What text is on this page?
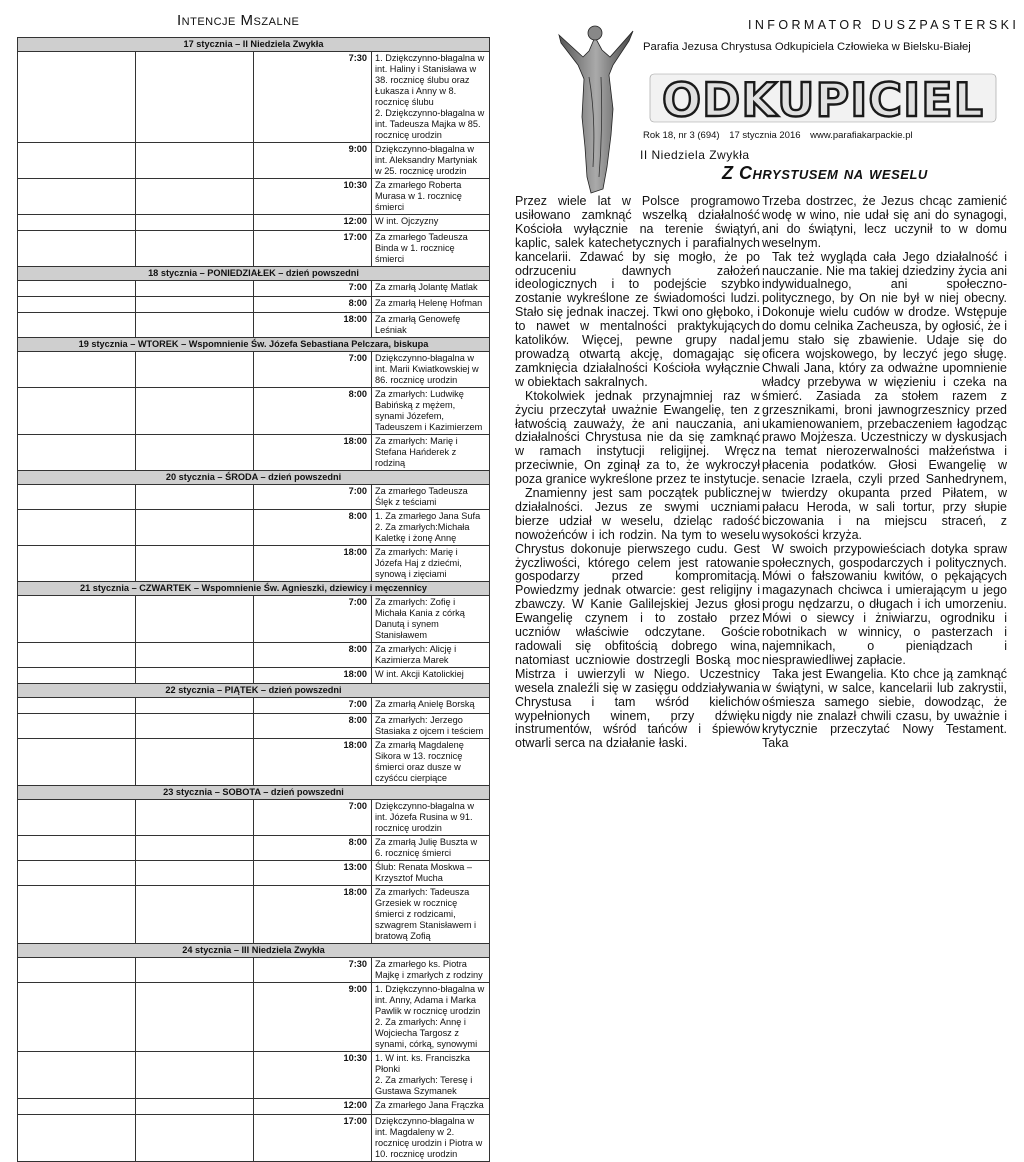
Intencje Mszalne
17 stycznia – II Niedziela Zwykła			
		7:30	1. Dziękczynno-błagalna w int. Haliny i Stanisława w 38. rocznicę ślubu oraz Łukasza i Anny w 8. rocznicę ślubu
2. Dziękczynno-błagalna w int. Tadeusza Majka w 85. rocznicę urodzin

		9:00	Dziękczynno-błagalna w int. Aleksandry Martyniak w 25. rocznicę urodzin

		10:30	Za zmarłego Roberta Murasa w 1. rocznicę śmierci

		12:00	W int. Ojczyzny

		17:00	Za zmarłego Tadeusza Binda w 1. rocznicę śmierci

18 stycznia – PONIEDZIAŁEK – dzień powszedni			
		7:00	Za zmarłą Jolantę Matlak

		8:00	Za zmarłą Helenę Hofman

		18:00	Za zmarłą Genowefę Leśniak

19 stycznia – WTOREK – Wspomnienie Św. Józefa Sebastiana Pelczara, biskupa			
		7:00	Dziękczynno-błagalna w int. Marii Kwiatkowskiej w 86. rocznicę urodzin

		8:00	Za zmarłych: Ludwikę Babińską z mężem, synami Józefem, Tadeuszem i Kazimierzem

		18:00	Za zmarłych: Marię i Stefana Hańderek z rodziną

20 stycznia – ŚRODA – dzień powszedni			
		7:00	Za zmarłego Tadeusza Ślęk z teściami

		8:00	1. Za zmarłego Jana Sufa
2. Za zmarłych:Michała Kaletkę i żonę Annę

		18:00	Za zmarłych: Marię i Józefa Haj z dziećmi, synową i zięciami

21 stycznia – CZWARTEK – Wspomnienie Św. Agnieszki, dziewicy i męczennicy			
		7:00	Za zmarłych: Zofię i Michała Kania z córką Danutą i synem Stanisławem

		8:00	Za zmarłych: Alicję i Kazimierza Marek

		18:00	W int. Akcji Katolickiej

22 stycznia – PIĄTEK – dzień powszedni			
		7:00	Za zmarłą Anielę Borską

		8:00	Za zmarłych: Jerzego Stasiaka z ojcem i teściem

		18:00	Za zmarłą Magdalenę Sikora w 13. rocznicę śmierci oraz dusze w czyśćcu cierpiące

23 stycznia – SOBOTA – dzień powszedni			
		7:00	Dziękczynno-błagalna w int. Józefa Rusina w 91. rocznicę urodzin

		8:00	Za zmarłą Julię Buszta w 6. rocznicę śmierci

		13:00	Ślub: Renata Moskwa – Krzysztof Mucha

		18:00	Za zmarłych: Tadeusza Grzesiek w rocznicę śmierci z rodzicami, szwagrem Stanisławem i bratową Zofią

24 stycznia – III Niedziela Zwykła			
		7:30	Za zmarłego ks. Piotra Majkę i zmarłych z rodziny

		9:00	1. Dziękczynno-błagalna w int. Anny, Adama i Marka Pawlik w rocznicę urodzin
2. Za zmarłych: Annę i Wojciecha Targosz z synami, córką, synowymi

		10:30	1. W int. ks. Franciszka Płonki
2. Za zmarłych: Teresę i Gustawa Szymanek

		12:00	Za zmarłego Jana Frączka

		17:00	Dziękczynno-błagalna w int. Magdaleny w 2. rocznicę urodzin i Piotra w 10. rocznicę urodzin
INFORMATOR DUSZPASTERSKI
Parafia Jezusa Chrystusa Odkupiciela Człowieka w Bielsku-Białej
ODKUPICIEL
Rok 18, nr 3 (694) 17 stycznia 2016 www.parafiakarpackie.pl
II Niedziela Zwykła
Z Chrystusem na weselu

Przez wiele lat w Polsce programowo usiłowano zamknąć wszelką działalność Kościoła wyłącznie na terenie świątyń, kaplic, salek katechetycznych i parafialnych kancelarii. Zdawać by się mogło, że po odrzuceniu dawnych założeń ideologicznych i to podejście szybko zostanie wykreślone ze świadomości ludzi. Stało się jednak inaczej. Tkwi ono głęboko, i to nawet w mentalności praktykujących katolików. Więcej, pewne grupy nadal prowadzą otwartą akcję, domagając się zamknięcia działalności Kościoła wyłącznie w obiektach sakralnych.

Ktokolwiek jednak przynajmniej raz w życiu przeczytał uważnie Ewangelię, ten z łatwością zauważy, że ani nauczania, ani działalności Chrystusa nie da się zamknąć w ramach instytucji religijnej. Wręcz przeciwnie, On zginął za to, że wykroczył poza granice wykreślone przez te instytucje.

Znamienny jest sam początek publicznej działalności. Jezus ze swymi uczniami bierze udział w weselu, dzieląc radość nowożeńców i ich rodzin. Na tym to weselu Chrystus dokonuje pierwszego cudu. Gest życzliwości, którego celem jest ratowanie gospodarzy przed kompromitacją. Powiedzmy jednak otwarcie: gest religijny i zbawczy. W Kanie Galilejskiej Jezus głosi Ewangelię czynem i to zostało przez uczniów właściwie odczytane. Goście radowali się obfitością dobrego wina, natomiast uczniowie dostrzegli Boską moc Mistrza i uwierzyli w Niego. Uczestnicy wesela znaleźli się w zasięgu oddziaływania Chrystusa i tam wśród kielichów wypełnionych winem, przy dźwięku instrumentów, wśród tańców i śpiewów otwarli serca na działanie łaski.

Trzeba dostrzec, że Jezus chcąc zamienić wodę w wino, nie udał się ani do synagogi, ani do świątyni, lecz uczynił to w domu weselnym.

Tak też wygląda cała Jego działalność i nauczanie. Nie ma takiej dziedziny życia ani indywidualnego, ani społeczno-politycznego, by On nie był w niej obecny. Dokonuje wielu cudów w drodze. Wstępuje do domu celnika Zacheusza, by ogłosić, że i jemu stało się zbawienie. Udaje się do oficera wojskowego, by leczyć jego sługę. Chwali Jana, który za odważne upomnienie władcy przebywa w więzieniu i czeka na śmierć. Zasiada za stołem razem z grzesznikami, broni jawnogrzesznicy przed ukamienowaniem, przebaczeniem łagodząc prawo Mojżesza. Uczestniczy w dyskusjach na temat nierozerwalności małżeństwa i płacenia podatków. Głosi Ewangelię w senacie Izraela, czyli przed Sanhedrynem, w twierdzy okupanta przed Piłatem, w pałacu Heroda, w sali tortur, przy słupie biczowania i na miejscu straceń, z wysokości krzyża.

W swoich przypowieściach dotyka spraw społecznych, gospodarczych i politycznych. Mówi o fałszowaniu kwitów, o pękających magazynach chciwca i umierającym u jego progu nędzarzu, o długach i ich umorzeniu. Mówi o siewcy i żniwiarzu, ogrodniku i robotnikach w winnicy, o pasterzach i najemnikach, o pieniądzach i niesprawiedliwej zapłacie.

Taka jest Ewangelia. Kto chce ją zamknąć w świątyni, w salce, kancelarii lub zakrystii, ośmiesza samego siebie, dowodząc, że nigdy nie znalazł chwili czasu, by uważnie i krytycznie przeczytać Nowy Testament. Taka
